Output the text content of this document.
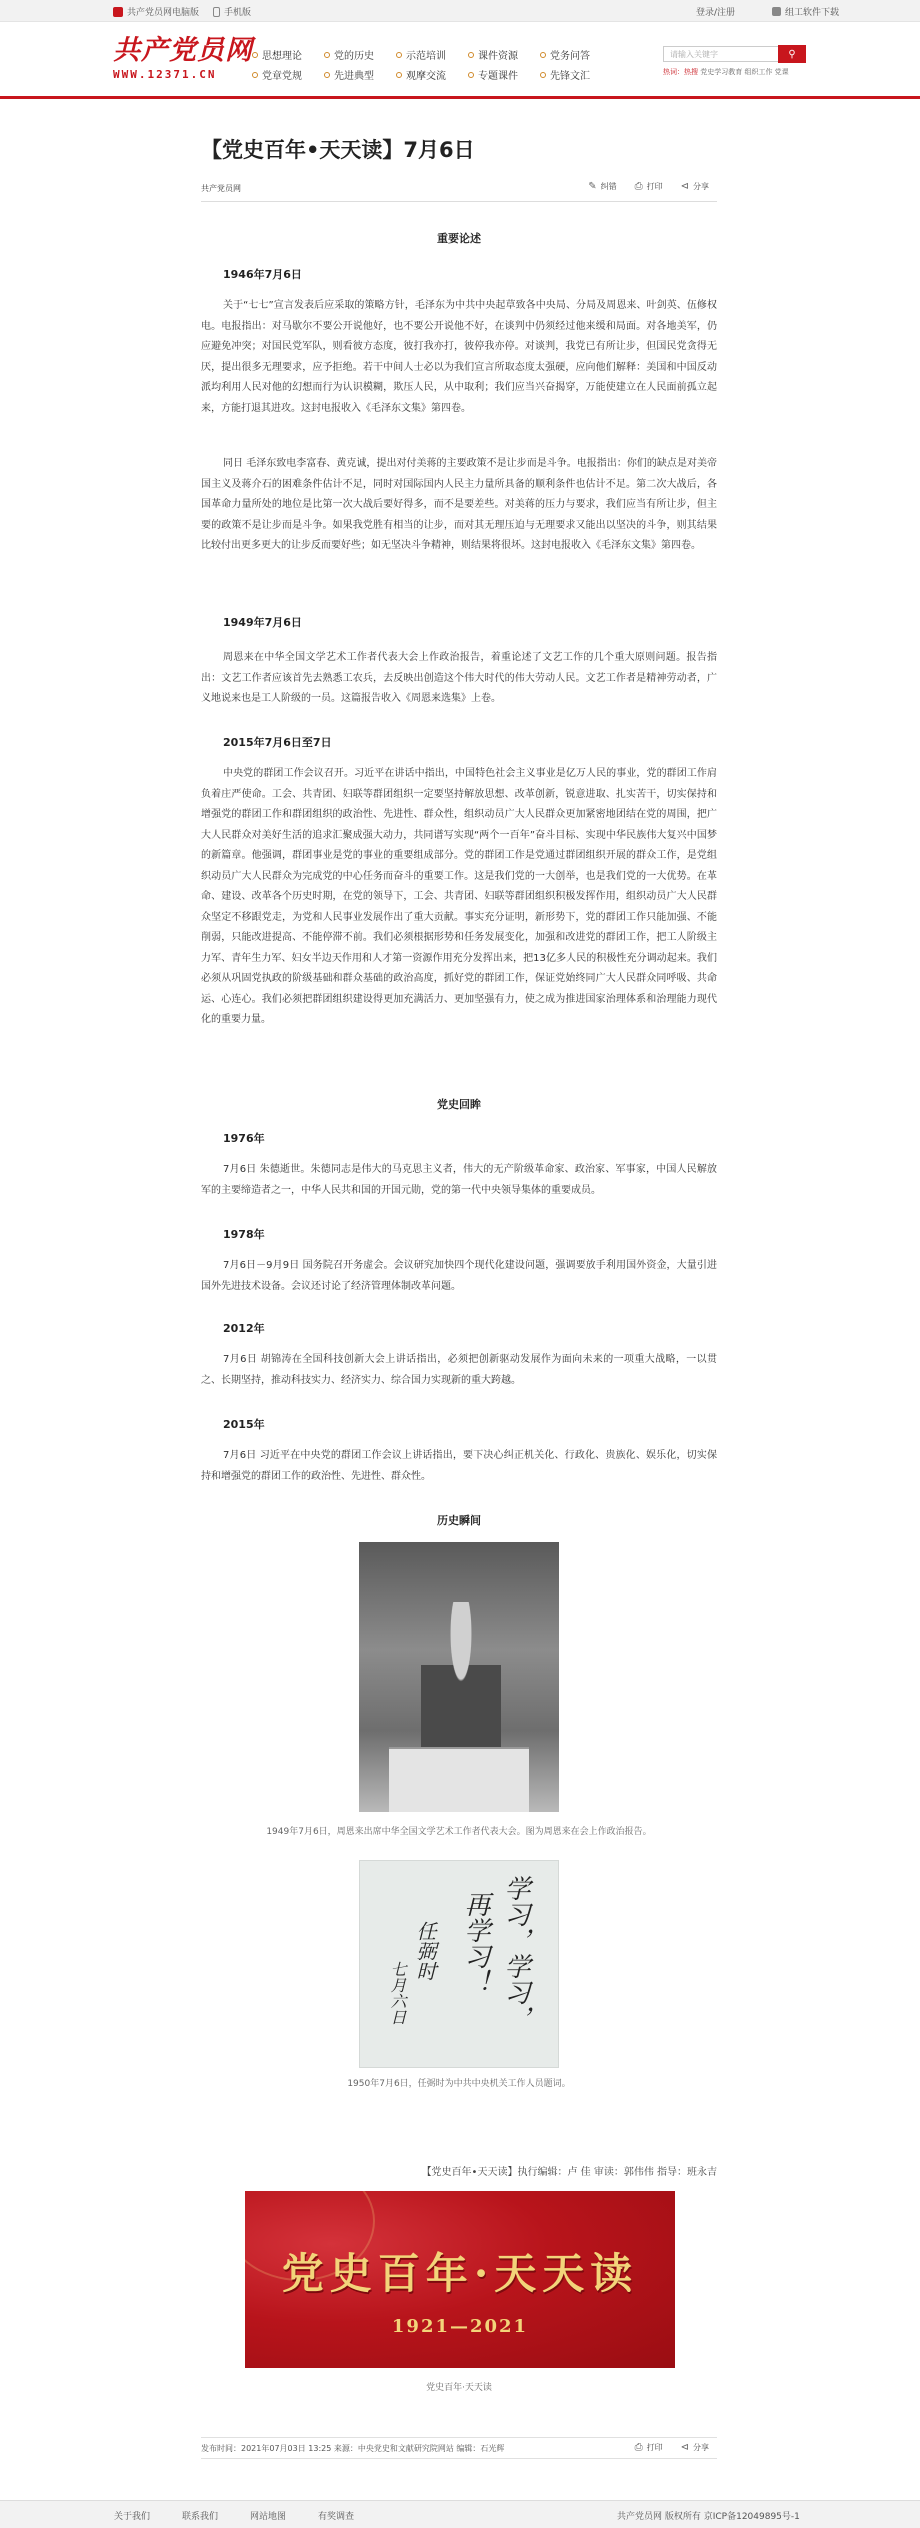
共产党员网电脑版	手机版	登录/注册	组工软件下载
共产党员网
WWW.12371.CN
思想理论	党的历史	示范培训	课件资源	党务问答
党章党规	先进典型	观摩交流	专题课件	先锋文汇
请输入关键字	⚲
热词：热搜 党史学习教育 组织工作 党课
【党史百年•天天读】7月6日
共产党员网	✎ 纠错 ⎙ 打印 ⊲ 分享
重要论述
1946年7月6日

关于“七七”宣言发表后应采取的策略方针，毛泽东为中共中央起草致各中央局、分局及周恩来、叶剑英、伍修权电。电报指出：对马歇尔不要公开说他好，也不要公开说他不好，在谈判中仍须经过他来缓和局面。对各地美军，仍应避免冲突；对国民党军队，则看彼方态度，彼打我亦打，彼停我亦停。对谈判，我党已有所让步，但国民党贪得无厌，提出很多无理要求，应予拒绝。若干中间人士必以为我们宣言所取态度太强硬，应向他们解释：美国和中国反动派均利用人民对他的幻想而行为认识模糊，欺压人民，从中取利；我们应当兴奋揭穿，万能使建立在人民面前孤立起来，方能打退其进攻。这封电报收入《毛泽东文集》第四卷。

同日 毛泽东致电李富春、黄克诚，提出对付美蒋的主要政策不是让步而是斗争。电报指出：你们的缺点是对美帝国主义及蒋介石的困难条件估计不足，同时对国际国内人民主力量所具备的顺利条件也估计不足。第二次大战后，各国革命力量所处的地位是比第一次大战后要好得多，而不是要差些。对美蒋的压力与要求，我们应当有所让步，但主要的政策不是让步而是斗争。如果我党胜有相当的让步，而对其无理压迫与无理要求又能出以坚决的斗争，则其结果比较付出更多更大的让步反而要好些；如无坚决斗争精神，则结果将很坏。这封电报收入《毛泽东文集》第四卷。

1949年7月6日

周恩来在中华全国文学艺术工作者代表大会上作政治报告，着重论述了文艺工作的几个重大原则问题。报告指出：文艺工作者应该首先去熟悉工农兵，去反映出创造这个伟大时代的伟大劳动人民。文艺工作者是精神劳动者，广义地说来也是工人阶级的一员。这篇报告收入《周恩来选集》上卷。

2015年7月6日至7日

中央党的群团工作会议召开。习近平在讲话中指出，中国特色社会主义事业是亿万人民的事业，党的群团工作肩负着庄严使命。工会、共青团、妇联等群团组织一定要坚持解放思想、改革创新，锐意进取、扎实苦干，切实保持和增强党的群团工作和群团组织的政治性、先进性、群众性，组织动员广大人民群众更加紧密地团结在党的周围，把广大人民群众对美好生活的追求汇聚成强大动力，共同谱写实现“两个一百年”奋斗目标、实现中华民族伟大复兴中国梦的新篇章。他强调，群团事业是党的事业的重要组成部分。党的群团工作是党通过群团组织开展的群众工作，是党组织动员广大人民群众为完成党的中心任务而奋斗的重要工作。这是我们党的一大创举，也是我们党的一大优势。在革命、建设、改革各个历史时期，在党的领导下，工会、共青团、妇联等群团组织积极发挥作用，组织动员广大人民群众坚定不移跟党走，为党和人民事业发展作出了重大贡献。事实充分证明，新形势下，党的群团工作只能加强、不能削弱，只能改进提高、不能停滞不前。我们必须根据形势和任务发展变化，加强和改进党的群团工作，把工人阶级主力军、青年生力军、妇女半边天作用和人才第一资源作用充分发挥出来，把13亿多人民的积极性充分调动起来。我们必须从巩固党执政的阶级基础和群众基础的政治高度，抓好党的群团工作，保证党始终同广大人民群众同呼吸、共命运、心连心。我们必须把群团组织建设得更加充满活力、更加坚强有力，使之成为推进国家治理体系和治理能力现代化的重要力量。

党史回眸
1976年

7月6日 朱德逝世。朱德同志是伟大的马克思主义者，伟大的无产阶级革命家、政治家、军事家，中国人民解放军的主要缔造者之一，中华人民共和国的开国元勋，党的第一代中央领导集体的重要成员。

1978年

7月6日－9月9日 国务院召开务虚会。会议研究加快四个现代化建设问题，强调要放手利用国外资金，大量引进国外先进技术设备。会议还讨论了经济管理体制改革问题。

2012年

7月6日 胡锦涛在全国科技创新大会上讲话指出，必须把创新驱动发展作为面向未来的一项重大战略，一以贯之、长期坚持，推动科技实力、经济实力、综合国力实现新的重大跨越。

2015年

7月6日 习近平在中央党的群团工作会议上讲话指出，要下决心纠正机关化、行政化、贵族化、娱乐化，切实保持和增强党的群团工作的政治性、先进性、群众性。

历史瞬间
1949年7月6日，周恩来出席中华全国文学艺术工作者代表大会。图为周恩来在会上作政治报告。
1950年7月6日，任弼时为中共中央机关工作人员题词。
党史百年·天天读
学习，学习，
再学习！
任弼时
七月六日
【党史百年•天天读】执行编辑：卢 佳 审读：郭伟伟 指导：班永吉
党史百年·天天读
1921—2021
发布时间：2021年07月03日 13:25 来源：中央党史和文献研究院网站 编辑：石光辉	⎙ 打印 ⊲ 分享
关于我们	联系我们	网站地图	有奖调查	共产党员网 版权所有 京ICP备12049895号-1
